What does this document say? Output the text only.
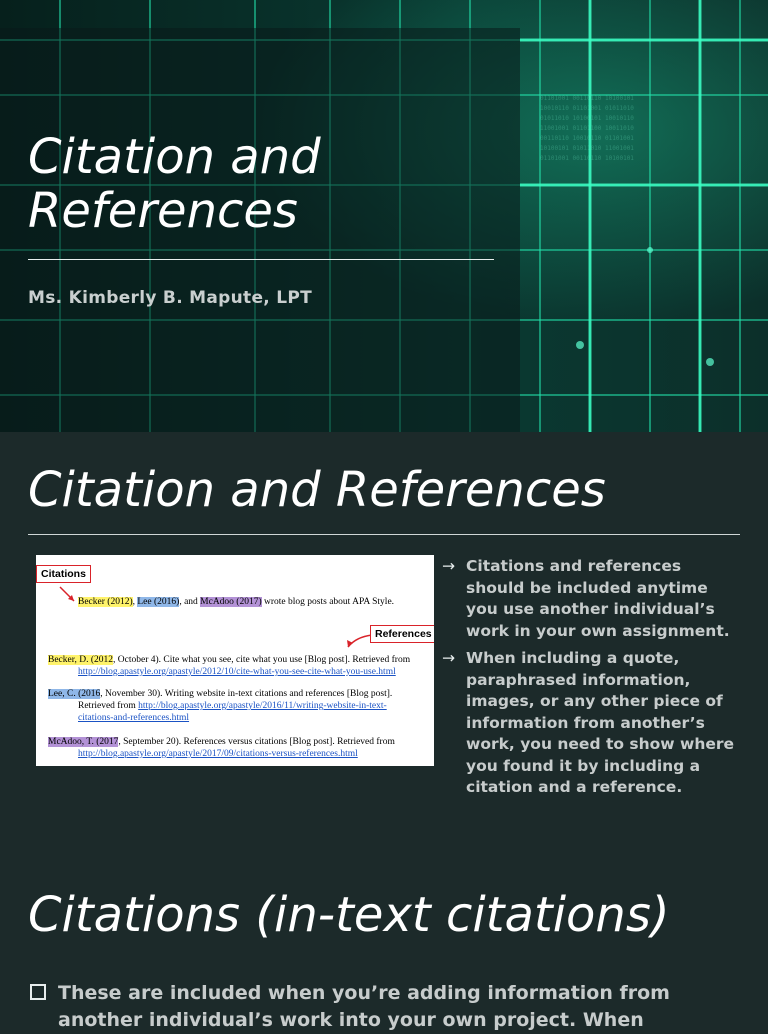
01101001 00110110 10100101
10010110 01101001 01011010
01011010 10100101 10010110
11001001 01101100 10011010
00110110 10010110 01101001
10100101 01011010 11001001
01101001 00110110 10100101
Citation and References
Ms. Kimberly B. Mapute, LPT
Citation and References
Citations
Becker (2012), Lee (2016), and McAdoo (2017) wrote blog posts about APA Style.
References
Becker, D. (2012, October 4). Cite what you see, cite what you use [Blog post]. Retrieved from
http://blog.apastyle.org/apastyle/2012/10/cite-what-you-see-cite-what-you-use.html
Lee, C. (2016, November 30). Writing website in-text citations and references [Blog post].
Retrieved from http://blog.apastyle.org/apastyle/2016/11/writing-website-in-text-
citations-and-references.html
McAdoo, T. (2017, September 20). References versus citations [Blog post]. Retrieved from
http://blog.apastyle.org/apastyle/2017/09/citations-versus-references.html
→ Citations and references should be included anytime you use another individual’s work in your own assignment.
→ When including a quote, paraphrased information, images, or any other piece of information from another’s work, you need to show where you found it by including a citation and a reference.
Citations (in-text citations)
These are included when you’re adding information from another individual’s work into your own project. When
